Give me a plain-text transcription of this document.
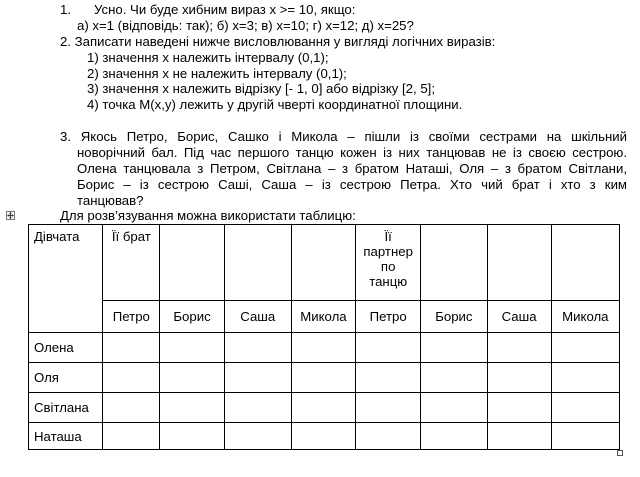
1. Усно. Чи буде хибним вираз x >= 10, якщо:
а) x=1 (відповідь: так); б) x=3; в) x=10; г) x=12; д) x=25?
2. Записати наведені нижче висловлювання у вигляді логічних виразів:
1) значення x належить інтервалу (0,1);
2) значення x не належить інтервалу (0,1);
3) значення x належить відрізку [- 1, 0] або відрізку [2, 5];
4) точка M(x,y) лежить у другій чверті координатної площини.
3. Якось Петро, Борис, Сашко і Микола – пішли із своїми сестрами на шкільний
новорічний бал. Під час першого танцю кожен із них танцював не із своєю сестрою.
Олена танцювала з Петром, Світлана – з братом Наташі, Оля – з братом Світлани,
Борис – із сестрою Саші, Саша – із сестрою Петра. Хто чий брат і хто з ким
танцював?
Для розв’язування можна використати таблицю:
Дівчата	Її брат				Її партнер по танцю			
	Петро	Борис	Саша	Микола	Петро	Борис	Саша	Микола
Олена								
Оля								
Світлана								
Наташа								
